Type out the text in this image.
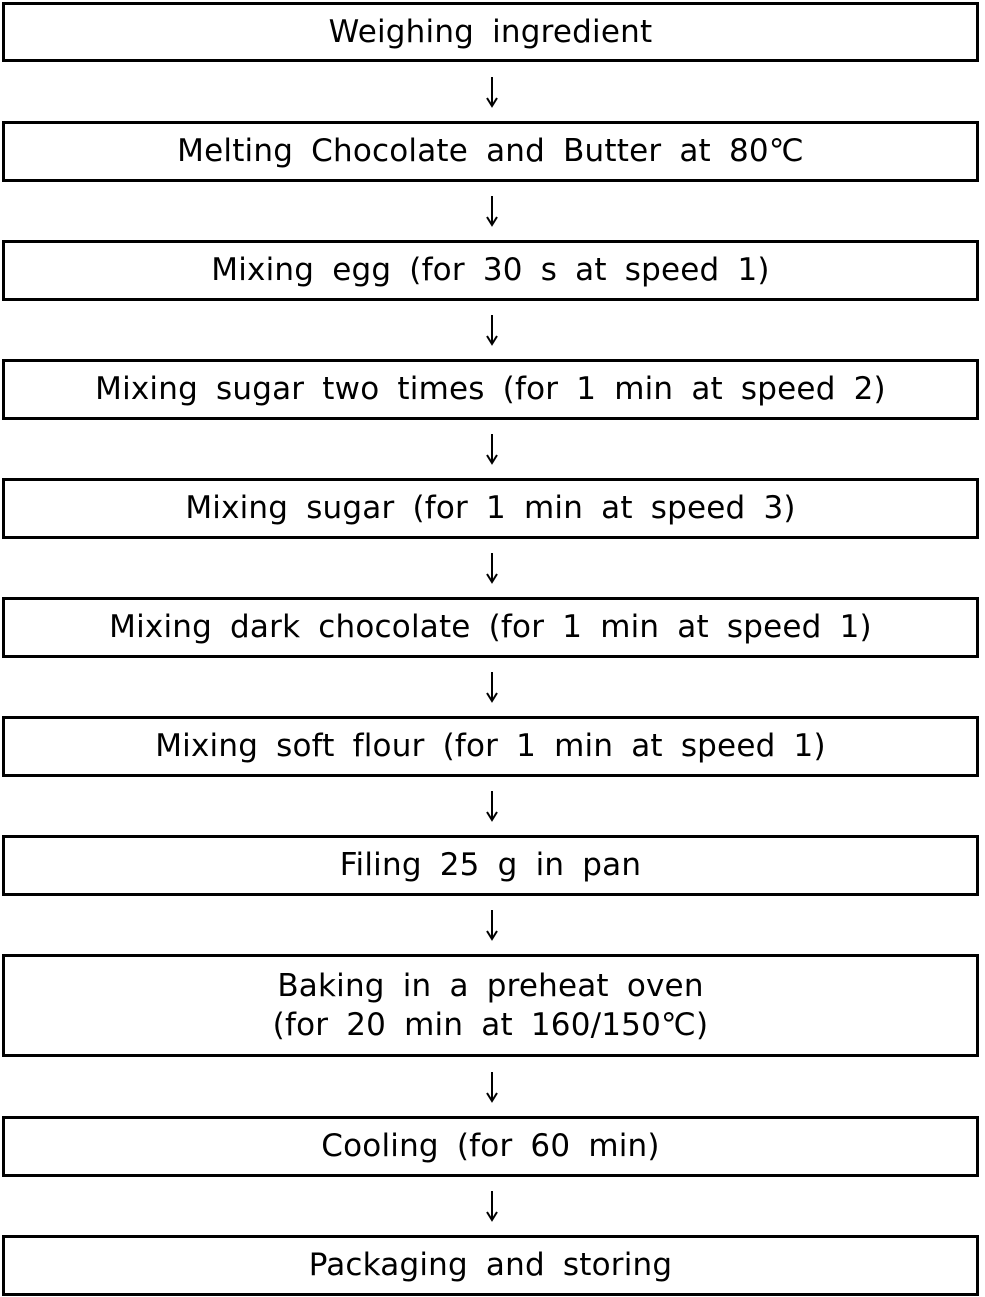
Weighing ingredient
Melting Chocolate and Butter at 80℃
Mixing egg (for 30 s at speed 1)
Mixing sugar two times (for 1 min at speed 2)
Mixing sugar (for 1 min at speed 3)
Mixing dark chocolate (for 1 min at speed 1)
Mixing soft flour (for 1 min at speed 1)
Filing 25 g in pan
Baking in a preheat oven
(for 20 min at 160/150℃)
Cooling (for 60 min)
Packaging and storing
